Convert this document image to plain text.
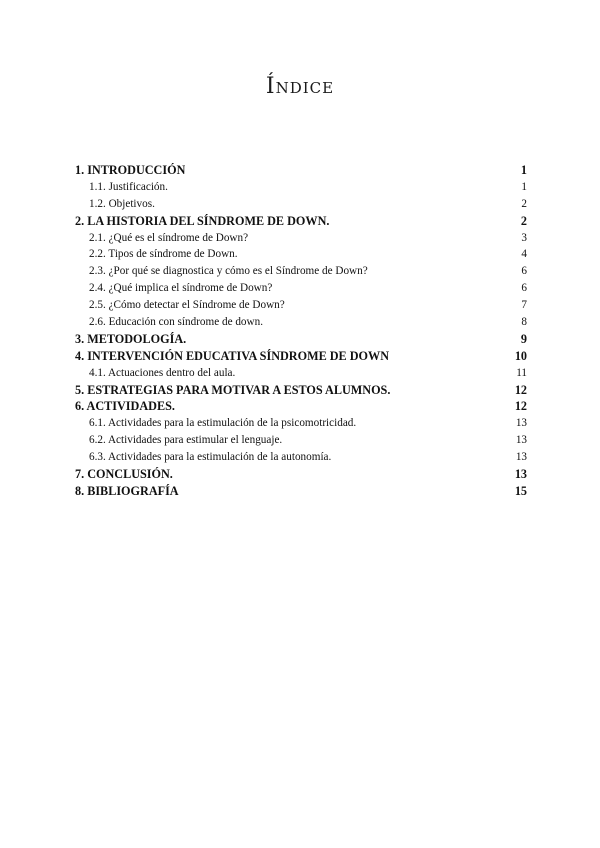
Índice
1. INTRODUCCIÓN	1
1.1. Justificación.	1
1.2. Objetivos.	2
2. LA HISTORIA DEL SÍNDROME DE DOWN.	2
2.1. ¿Qué es el síndrome de Down?	3
2.2. Tipos de síndrome de Down.	4
2.3. ¿Por qué se diagnostica y cómo es el Síndrome de Down?	6
2.4. ¿Qué implica el síndrome de Down?	6
2.5. ¿Cómo detectar el Síndrome de Down?	7
2.6. Educación con síndrome de down.	8
3. METODOLOGÍA.	9
4. INTERVENCIÓN EDUCATIVA SÍNDROME DE DOWN	10
4.1. Actuaciones dentro del aula.	11
5. ESTRATEGIAS PARA MOTIVAR A ESTOS ALUMNOS.	12
6. ACTIVIDADES.	12
6.1. Actividades para la estimulación de la psicomotricidad.	13
6.2. Actividades para estimular el lenguaje.	13
6.3. Actividades para la estimulación de la autonomía.	13
7. CONCLUSIÓN.	13
8. BIBLIOGRAFÍA	15
